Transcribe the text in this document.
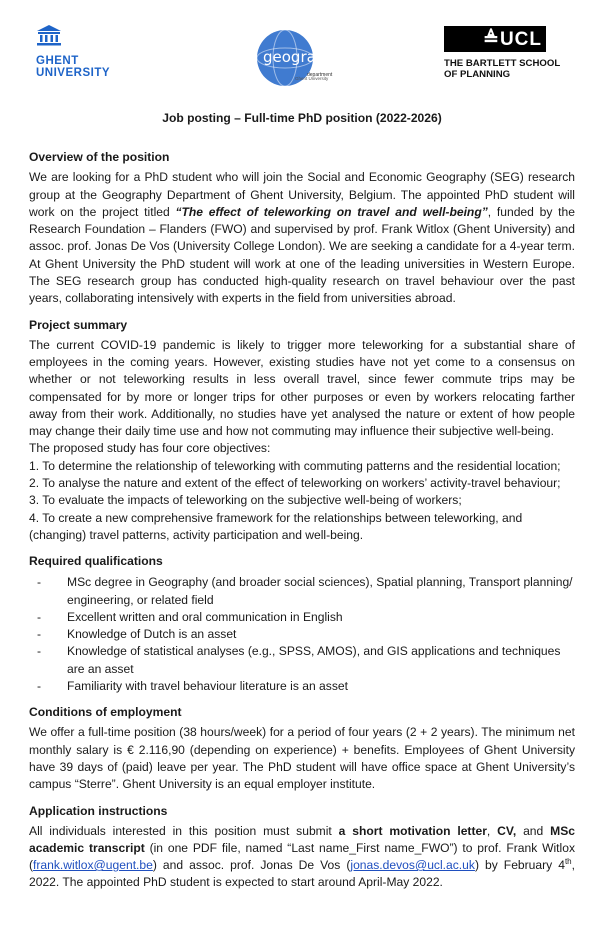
GHENT
UNIVERSITY
geography
department
Ghent University
≜UCL
THE BARTLETT SCHOOL
OF PLANNING
Job posting – Full-time PhD position (2022-2026)
Overview of the position

We are looking for a PhD student who will join the Social and Economic Geography (SEG) research group at the Geography Department of Ghent University, Belgium. The appointed PhD student will work on the project titled “The effect of teleworking on travel and well-being”, funded by the Research Foundation – Flanders (FWO) and supervised by prof. Frank Witlox (Ghent University) and assoc. prof. Jonas De Vos (University College London). We are seeking a candidate for a 4-year term. At Ghent University the PhD student will work at one of the leading universities in Western Europe. The SEG research group has conducted high-quality research on travel behaviour over the past years, collaborating intensively with experts in the field from universities abroad.

Project summary

The current COVID-19 pandemic is likely to trigger more teleworking for a substantial share of employees in the coming years. However, existing studies have not yet come to a consensus on whether or not teleworking results in less overall travel, since fewer commute trips may be compensated for by more or longer trips for other purposes or even by workers relocating farther away from their work. Additionally, no studies have yet analysed the nature or extent of how people may change their daily time use and how not commuting may influence their subjective well-being.

The proposed study has four core objectives:
1. To determine the relationship of teleworking with commuting patterns and the residential location;
2. To analyse the nature and extent of the effect of teleworking on workers’ activity-travel behaviour;
3. To evaluate the impacts of teleworking on the subjective well-being of workers;
4. To create a new comprehensive framework for the relationships between teleworking, and (changing) travel patterns, activity participation and well-being.
Required qualifications
- MSc degree in Geography (and broader social sciences), Spatial planning, Transport planning/ engineering, or related field
- Excellent written and oral communication in English
- Knowledge of Dutch is an asset
- Knowledge of statistical analyses (e.g., SPSS, AMOS), and GIS applications and techniques are an asset
- Familiarity with travel behaviour literature is an asset
Conditions of employment

We offer a full-time position (38 hours/week) for a period of four years (2 + 2 years). The minimum net monthly salary is € 2.116,90 (depending on experience) + benefits. Employees of Ghent University have 39 days of (paid) leave per year. The PhD student will have office space at Ghent University’s campus “Sterre”. Ghent University is an equal employer institute.

Application instructions

All individuals interested in this position must submit a short motivation letter, CV, and MSc academic transcript (in one PDF file, named “Last name_First name_FWO”) to prof. Frank Witlox (frank.witlox@ugent.be) and assoc. prof. Jonas De Vos (jonas.devos@ucl.ac.uk) by February 4th, 2022. The appointed PhD student is expected to start around April-May 2022.
